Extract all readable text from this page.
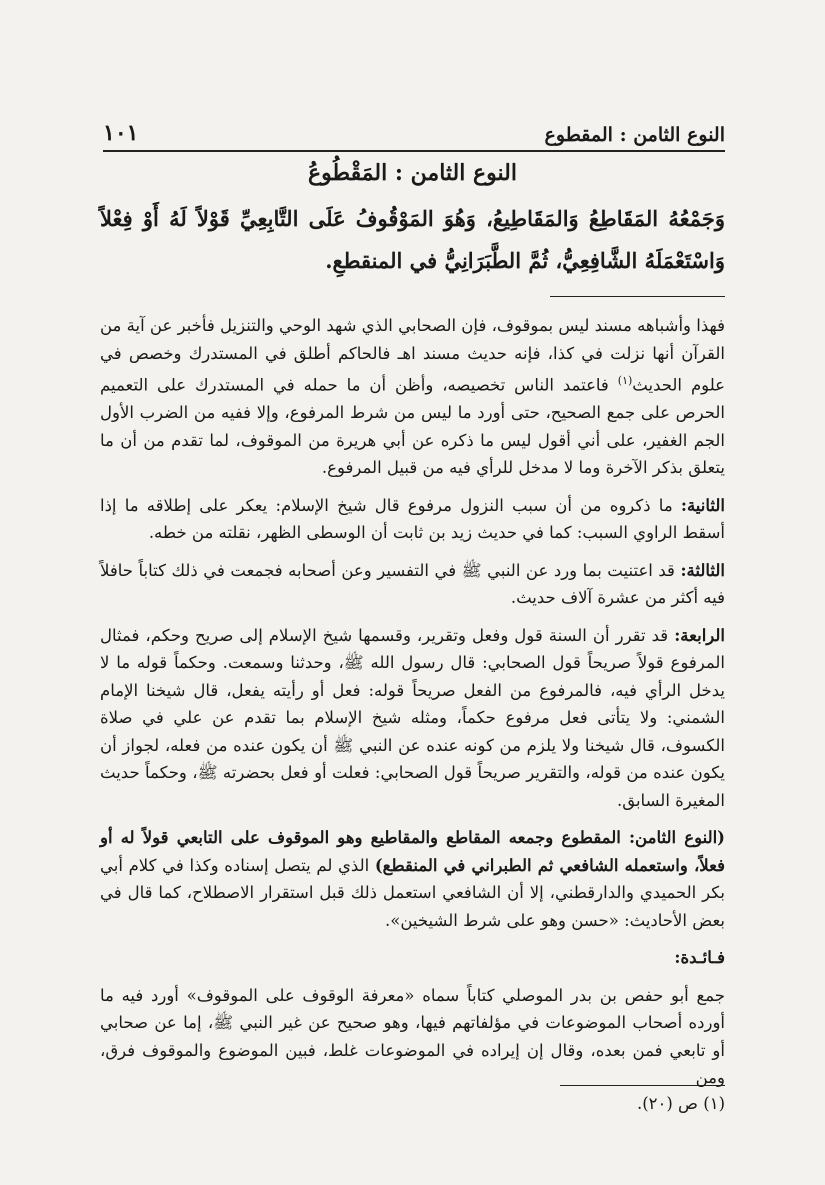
النوع الثامن : المقطوع
١٠١
النوع الثامن : المَقْطُوعُ
وَجَمْعُهُ المَقَاطِعُ وَالمَقَاطِيعُ، وَهُوَ المَوْقُوفُ عَلَى التَّابِعِيِّ قَوْلاً لَهُ أَوْ فِعْلاً وَاسْتَعْمَلَهُ الشَّافِعِيُّ، ثُمَّ الطَّبَرَانِيُّ في المنقطعِ.

فهذا وأشباهه مسند ليس بموقوف، فإن الصحابي الذي شهد الوحي والتنزيل فأخبر عن آية من القرآن أنها نزلت في كذا، فإنه حديث مسند اهـ فالحاكم أطلق في المستدرك وخصص في علوم الحديث$^{(١)}$ فاعتمد الناس تخصيصه، وأظن أن ما حمله في المستدرك على التعميم الحرص على جمع الصحيح، حتى أورد ما ليس من شرط المرفوع، وإلا ففيه من الضرب الأول الجم الغفير، على أني أقول ليس ما ذكره عن أبي هريرة من الموقوف، لما تقدم من أن ما يتعلق بذكر الآخرة وما لا مدخل للرأي فيه من قبيل المرفوع.

الثانية: ما ذكروه من أن سبب النزول مرفوع قال شيخ الإسلام: يعكر على إطلاقه ما إذا أسقط الراوي السبب: كما في حديث زيد بن ثابت أن الوسطى الظهر، نقلته من خطه.

الثالثة: قد اعتنيت بما ورد عن النبي ﷺ في التفسير وعن أصحابه فجمعت في ذلك كتاباً حافلاً فيه أكثر من عشرة آلاف حديث.

الرابعة: قد تقرر أن السنة قول وفعل وتقرير، وقسمها شيخ الإسلام إلى صريح وحكم، فمثال المرفوع قولاً صريحاً قول الصحابي: قال رسول الله ﷺ، وحدثنا وسمعت. وحكماً قوله ما لا يدخل الرأي فيه، فالمرفوع من الفعل صريحاً قوله: فعل أو رأيته يفعل، قال شيخنا الإمام الشمني: ولا يتأتى فعل مرفوع حكماً، ومثله شيخ الإسلام بما تقدم عن علي في صلاة الكسوف، قال شيخنا ولا يلزم من كونه عنده عن النبي ﷺ أن يكون عنده من فعله، لجواز أن يكون عنده من قوله، والتقرير صريحاً قول الصحابي: فعلت أو فعل بحضرته ﷺ، وحكماً حديث المغيرة السابق.

(النوع الثامن: المقطوع وجمعه المقاطع والمقاطيع وهو الموقوف على التابعي قولاً له أو فعلاً، واستعمله الشافعي ثم الطبراني في المنقطع) الذي لم يتصل إسناده وكذا في كلام أبي بكر الحميدي والدارقطني، إلا أن الشافعي استعمل ذلك قبل استقرار الاصطلاح، كما قال في بعض الأحاديث: «حسن وهو على شرط الشيخين».

فـائـدة:

جمع أبو حفص بن بدر الموصلي كتاباً سماه «معرفة الوقوف على الموقوف» أورد فيه ما أورده أصحاب الموضوعات في مؤلفاتهم فيها، وهو صحيح عن غير النبي ﷺ، إما عن صحابي أو تابعي فمن بعده، وقال إن إيراده في الموضوعات غلط، فبين الموضوع والموقوف فرق، ومن

(١) ص (٢٠).
